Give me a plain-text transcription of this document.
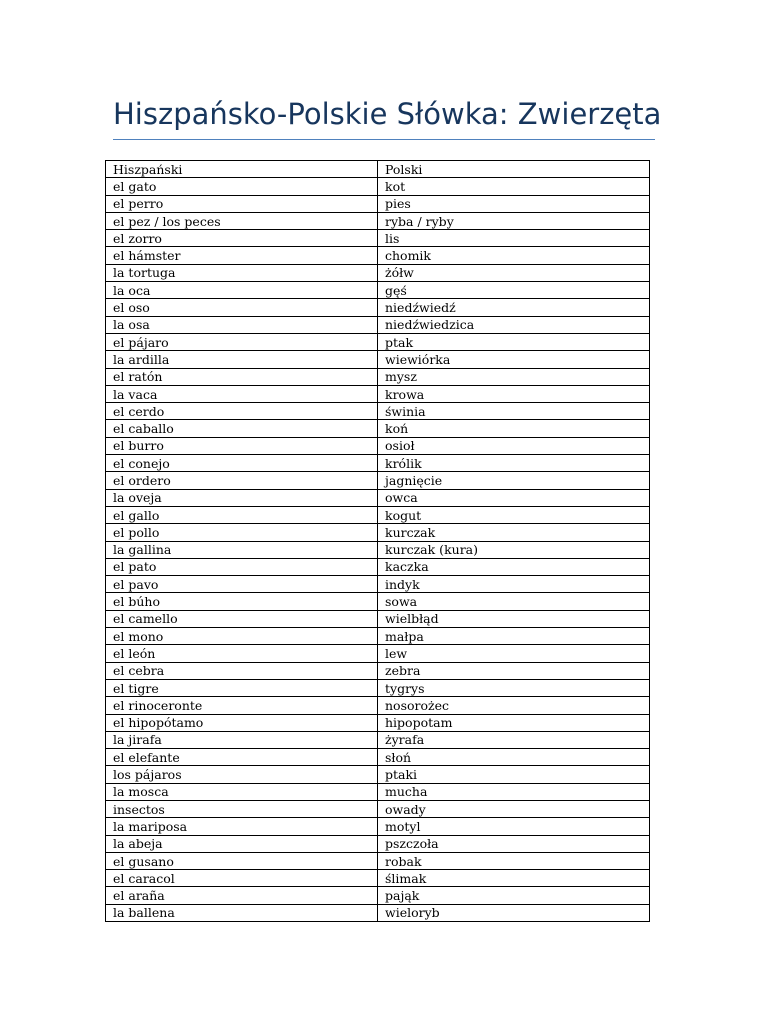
Hiszpańsko-Polskie Słówka: Zwierzęta
Hiszpański	Polski
el gato	kot
el perro	pies
el pez / los peces	ryba / ryby
el zorro	lis
el hámster	chomik
la tortuga	żółw
la oca	gęś
el oso	niedźwiedź
la osa	niedźwiedzica
el pájaro	ptak
la ardilla	wiewiórka
el ratón	mysz
la vaca	krowa
el cerdo	świnia
el caballo	koń
el burro	osioł
el conejo	królik
el ordero	jagnięcie
la oveja	owca
el gallo	kogut
el pollo	kurczak
la gallina	kurczak (kura)
el pato	kaczka
el pavo	indyk
el búho	sowa
el camello	wielbłąd
el mono	małpa
el león	lew
el cebra	zebra
el tigre	tygrys
el rinoceronte	nosorożec
el hipopótamo	hipopotam
la jirafa	żyrafa
el elefante	słoń
los pájaros	ptaki
la mosca	mucha
insectos	owady
la mariposa	motyl
la abeja	pszczoła
el gusano	robak
el caracol	ślimak
el araña	pająk
la ballena	wieloryb
